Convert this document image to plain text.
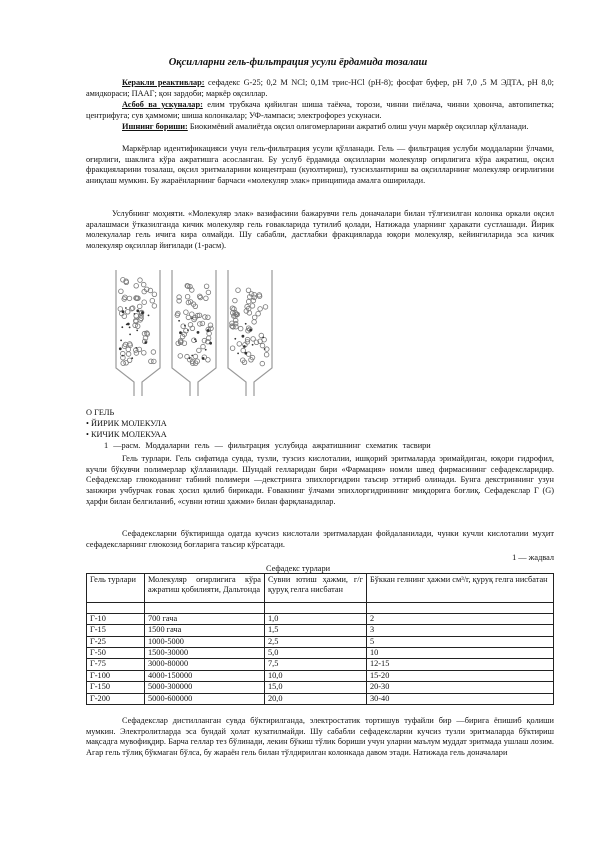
Оқсилларни гель-фильтрация усули ёрдамида тозалаш

Керакли реактивлар: сефадекс G-25; 0,2 М NCl; 0,1М трис-НСl (pH-8); фосфат буфер, pH 7,0 ,5 М ЭДТА, pH 8,0; амидкораси; ПААГ; қон зардоби; маркёр оқсиллар.

Асбоб ва ускуналар: елим трубкача қийилган шиша таёкча, торози, чинни пиёлача, чинни ҳовонча, автопипетка; центрифуга; сув ҳаммоми; шиша колонкалар; УФ-лампаси; электрофорез ускунаси.

Ишнинг бориши: Биокимёвий амалиётда оқсил олигомерларини ажратиб олиш учун маркёр оқсиллар қўлланади.

Маркёрлар идентификацияси учун гель-фильтрация усули қўлланади. Гель — фильтрация услуби моддаларни ўлчами, оғирлиги, шаклига кўра ажратишга асосланган. Бу услуб ёрдамида оқсилларни молекуляр оғирлигига кўра ажратиш, оқсил фракцияларини тозалаш, оқсил эритмаларини концентраш (куюлтириш), тузсизлантириш ва оқсилларнинг молекуляр оғирлигини аниқлаш мумкин. Бу жараёнларнинг барчаси «молекуляр элак» принципида амалга оширилади.

Услубнинг моҳияти. «Молекуляр элак» вазифасини бажарувчи гель доначалари билан тўлғизилган колонка оркали оқсил аралашмаси ўтказилганда кичик молекуляр гель ғовакларида тутилиб қолади, Натижада уларнинг ҳаракати сустлашади. Йирик молекулалар гель ичига кира олмайди. Шу сабабли, дастлабки фракцияларда юқори молекуляр, кейингиларида эса кичик молекуляр оқсиллар йиғилади (1-расм).

O ГЕЛЬ
• ЙИРИК МОЛЕКУЛА
• КИЧИК МОЛЕКУАА
1 —расм. Моддаларни гель — фильтрация услубида ажратишнинг схематик тасвири

Гель турлари. Гель сифатида сувда, тузли, тузсиз кислоталии, ишқорий эритмаларда эримайдиган, юқори гидрофил, кучли бўкувчи полимерлар қўлланилади. Шундай гелларидан бири «Фармация» номли швед фирмасининг сефадексларидир. Сефадекслар глюкоданинг табиий полимери —декстринга эпихлоргидрин таъсир эттириб олинади. Бунга декстриннинг узун занжири учбурчак ғовак ҳосил қилиб бирикади. Ғовакнинг ўлчами эпихлоргидриннинг миқдорига боғлиқ. Сефадекслар Г (G) ҳарфи билан белгиланиб, «сувни ютиш ҳажми» билан фарқланадилар.

Сефадексларни бўктиришда одатда кучсиз кислотали эритмалардан фойдаланилади, чунки кучли кислоталии муҳит сефадексларнинг глюкозид боғларига таъсир кўрсатади.

1 — жадвал
Сефадекс турлари
Гель турлари	Молекуляр оғирлигига кўра ажратиш қобилияти, Дальтонда	Сувни ютиш ҳажми, г/г қуруқ гелга нисбатан	Бўккан гелнинг ҳажми см³/г, қуруқ гелга нисбатан

Г-10	700 гача	1,0	2
Г-15	1500 гача	1,5	3
Г-25	1000-5000	2,5	5
Г-50	1500-30000	5,0	10
Г-75	3000-80000	7,5	12-15
Г-100	4000-150000	10,0	15-20
Г-150	5000-300000	15,0	20-30
Г-200	5000-600000	20,0	30-40

Сефадекслар дистилланган сувда бўктирилганда, электростатик тортишув туфайли бир —бирига ёпишиб қолиши мумкин. Электролитларда эса бундай ҳолат кузатилмайди. Шу сабабли сефадексларни кучсиз тузли эритмаларда бўктириш мақсадга мувофиқдир. Барча геллар тез бўлинади, лекин бўкиш тўлик бориши учун уларни маълум муддат эритмада ушлаш лозим. Агар гель тўлиқ бўкмаган бўлса, бу жараён гель билан тўлдирилган колонкада давом этади. Натижада гель доначалари
